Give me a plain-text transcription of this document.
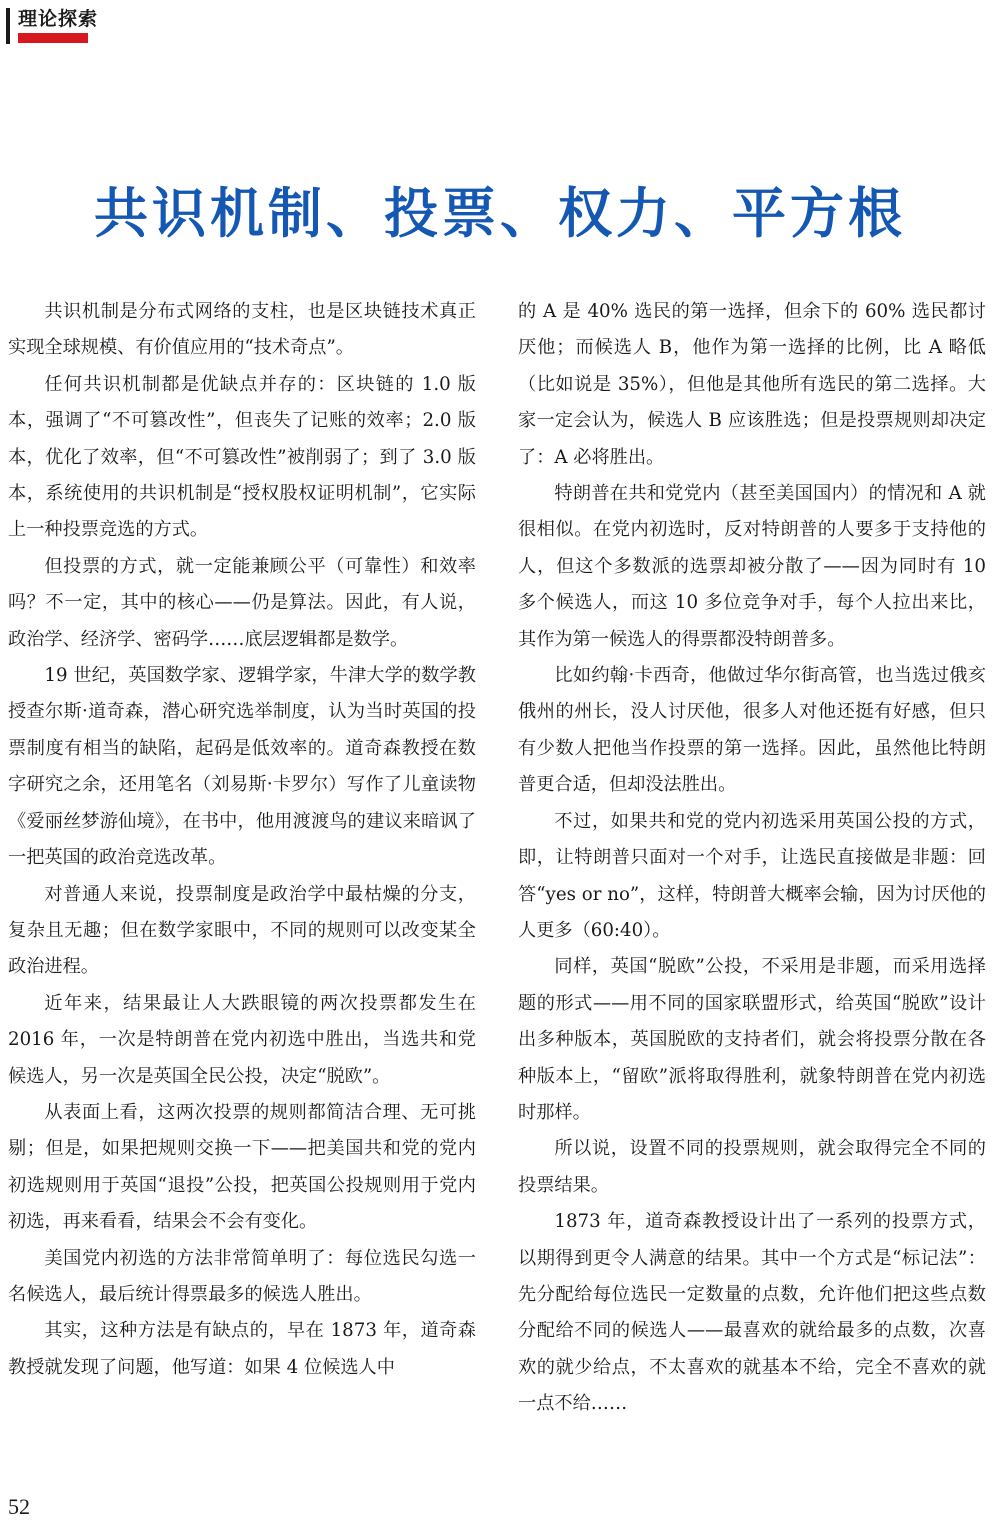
理论探索
共识机制、投票、权力、平方根

共识机制是分布式网络的支柱，也是区块链技术真正实现全球规模、有价值应用的“技术奇点”。

任何共识机制都是优缺点并存的：区块链的 1.0 版本，强调了“不可篡改性”，但丧失了记账的效率；2.0 版本，优化了效率，但“不可篡改性”被削弱了；到了 3.0 版本，系统使用的共识机制是“授权股权证明机制”，它实际上一种投票竞选的方式。

但投票的方式，就一定能兼顾公平（可靠性）和效率吗？不一定，其中的核心——仍是算法。因此，有人说，政治学、经济学、密码学……底层逻辑都是数学。

19 世纪，英国数学家、逻辑学家，牛津大学的数学教授查尔斯·道奇森，潜心研究选举制度，认为当时英国的投票制度有相当的缺陷，起码是低效率的。道奇森教授在数字研究之余，还用笔名（刘易斯·卡罗尔）写作了儿童读物《爱丽丝梦游仙境》，在书中，他用渡渡鸟的建议来暗讽了一把英国的政治竞选改革。

对普通人来说，投票制度是政治学中最枯燥的分支，复杂且无趣；但在数学家眼中，不同的规则可以改变某全政治进程。

近年来，结果最让人大跌眼镜的两次投票都发生在 2016 年，一次是特朗普在党内初选中胜出，当选共和党候选人，另一次是英国全民公投，决定“脱欧”。

从表面上看，这两次投票的规则都简洁合理、无可挑剔；但是，如果把规则交换一下——把美国共和党的党内初选规则用于英国“退投”公投，把英国公投规则用于党内初选，再来看看，结果会不会有变化。

美国党内初选的方法非常简单明了：每位选民勾选一名候选人，最后统计得票最多的候选人胜出。

其实，这种方法是有缺点的，早在 1873 年，道奇森教授就发现了问题，他写道：如果 4 位候选人中

的 A 是 40% 选民的第一选择，但余下的 60% 选民都讨厌他；而候选人 B，他作为第一选择的比例，比 A 略低（比如说是 35%），但他是其他所有选民的第二选择。大家一定会认为，候选人 B 应该胜选；但是投票规则却决定了：A 必将胜出。

特朗普在共和党党内（甚至美国国内）的情况和 A 就很相似。在党内初选时，反对特朗普的人要多于支持他的人，但这个多数派的选票却被分散了——因为同时有 10 多个候选人，而这 10 多位竞争对手，每个人拉出来比，其作为第一候选人的得票都没特朗普多。

比如约翰·卡西奇，他做过华尔街高管，也当选过俄亥俄州的州长，没人讨厌他，很多人对他还挺有好感，但只有少数人把他当作投票的第一选择。因此，虽然他比特朗普更合适，但却没法胜出。

不过，如果共和党的党内初选采用英国公投的方式，即，让特朗普只面对一个对手，让选民直接做是非题：回答“yes or no”，这样，特朗普大概率会输，因为讨厌他的人更多（60:40）。

同样，英国“脱欧”公投，不采用是非题，而采用选择题的形式——用不同的国家联盟形式，给英国“脱欧”设计出多种版本，英国脱欧的支持者们，就会将投票分散在各种版本上，“留欧”派将取得胜利，就象特朗普在党内初选时那样。

所以说，设置不同的投票规则，就会取得完全不同的投票结果。

1873 年，道奇森教授设计出了一系列的投票方式，以期得到更令人满意的结果。其中一个方式是“标记法”：先分配给每位选民一定数量的点数，允许他们把这些点数分配给不同的候选人——最喜欢的就给最多的点数，次喜欢的就少给点，不太喜欢的就基本不给，完全不喜欢的就一点不给……

52
